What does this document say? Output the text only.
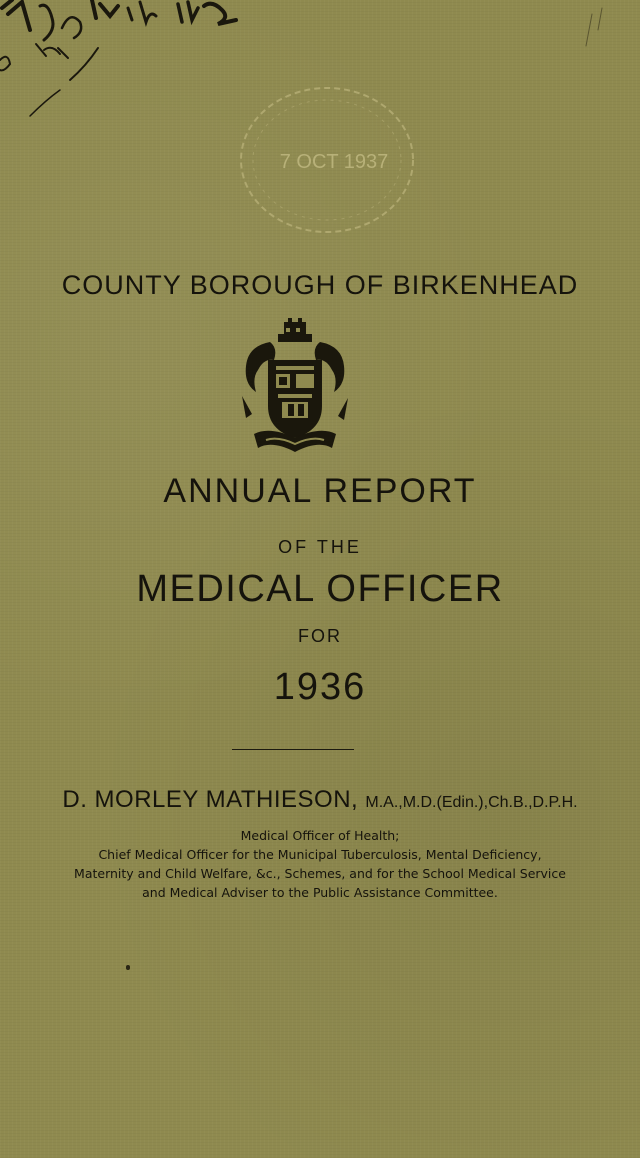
7 OCT 1937
COUNTY BOROUGH OF BIRKENHEAD
ANNUAL REPORT
OF THE
MEDICAL OFFICER
FOR
1936
D. MORLEY MATHIESON, M.A.,M.D.(Edin.),Ch.B.,D.P.H.
Medical Officer of Health;
Chief Medical Officer for the Municipal Tuberculosis, Mental Deficiency,
Maternity and Child Welfare, &c., Schemes, and for the School Medical Service
and Medical Adviser to the Public Assistance Committee.
